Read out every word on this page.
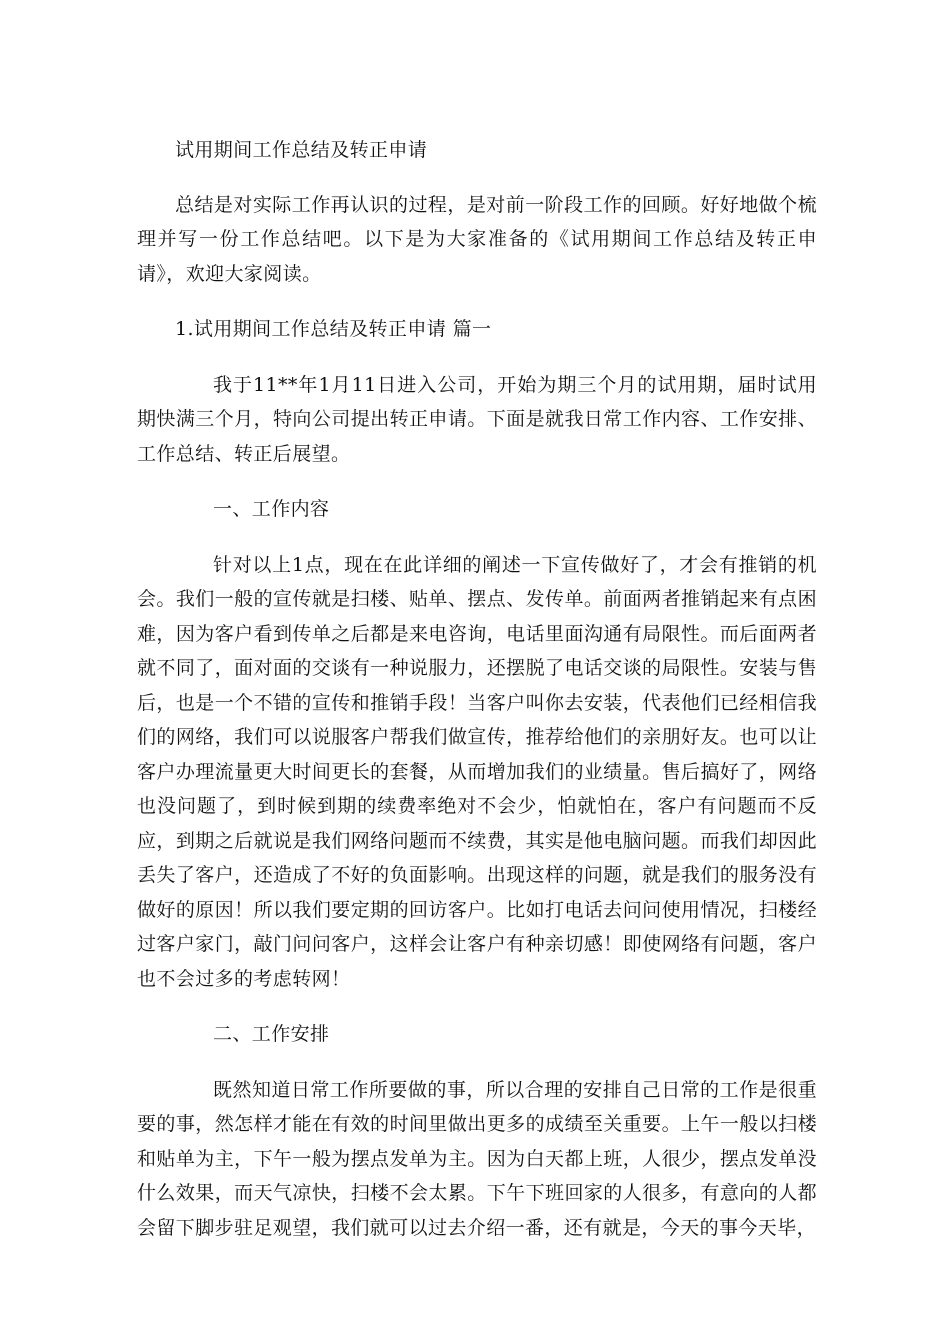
试用期间工作总结及转正申请

总结是对实际工作再认识的过程，是对前一阶段工作的回顾。好好地做个梳理并写一份工作总结吧。以下是为大家准备的《试用期间工作总结及转正申请》，欢迎大家阅读。

1.试用期间工作总结及转正申请 篇一

我于11**年1月11日进入公司，开始为期三个月的试用期，届时试用期快满三个月，特向公司提出转正申请。下面是就我日常工作内容、工作安排、工作总结、转正后展望。

一、工作内容

针对以上1点，现在在此详细的阐述一下宣传做好了，才会有推销的机会。我们一般的宣传就是扫楼、贴单、摆点、发传单。前面两者推销起来有点困难，因为客户看到传单之后都是来电咨询，电话里面沟通有局限性。而后面两者就不同了，面对面的交谈有一种说服力，还摆脱了电话交谈的局限性。安装与售后，也是一个不错的宣传和推销手段！当客户叫你去安装，代表他们已经相信我们的网络，我们可以说服客户帮我们做宣传，推荐给他们的亲朋好友。也可以让客户办理流量更大时间更长的套餐，从而增加我们的业绩量。售后搞好了，网络也没问题了，到时候到期的续费率绝对不会少，怕就怕在，客户有问题而不反应，到期之后就说是我们网络问题而不续费，其实是他电脑问题。而我们却因此丢失了客户，还造成了不好的负面影响。出现这样的问题，就是我们的服务没有做好的原因！所以我们要定期的回访客户。比如打电话去问问使用情况，扫楼经过客户家门，敲门问问客户，这样会让客户有种亲切感！即使网络有问题，客户也不会过多的考虑转网！

二、工作安排

既然知道日常工作所要做的事，所以合理的安排自己日常的工作是很重要的事，然怎样才能在有效的时间里做出更多的成绩至关重要。上午一般以扫楼和贴单为主，下午一般为摆点发单为主。因为白天都上班，人很少，摆点发单没什么效果，而天气凉快，扫楼不会太累。下午下班回家的人很多，有意向的人都会留下脚步驻足观望，我们就可以过去介绍一番，还有就是，今天的事今天毕，
